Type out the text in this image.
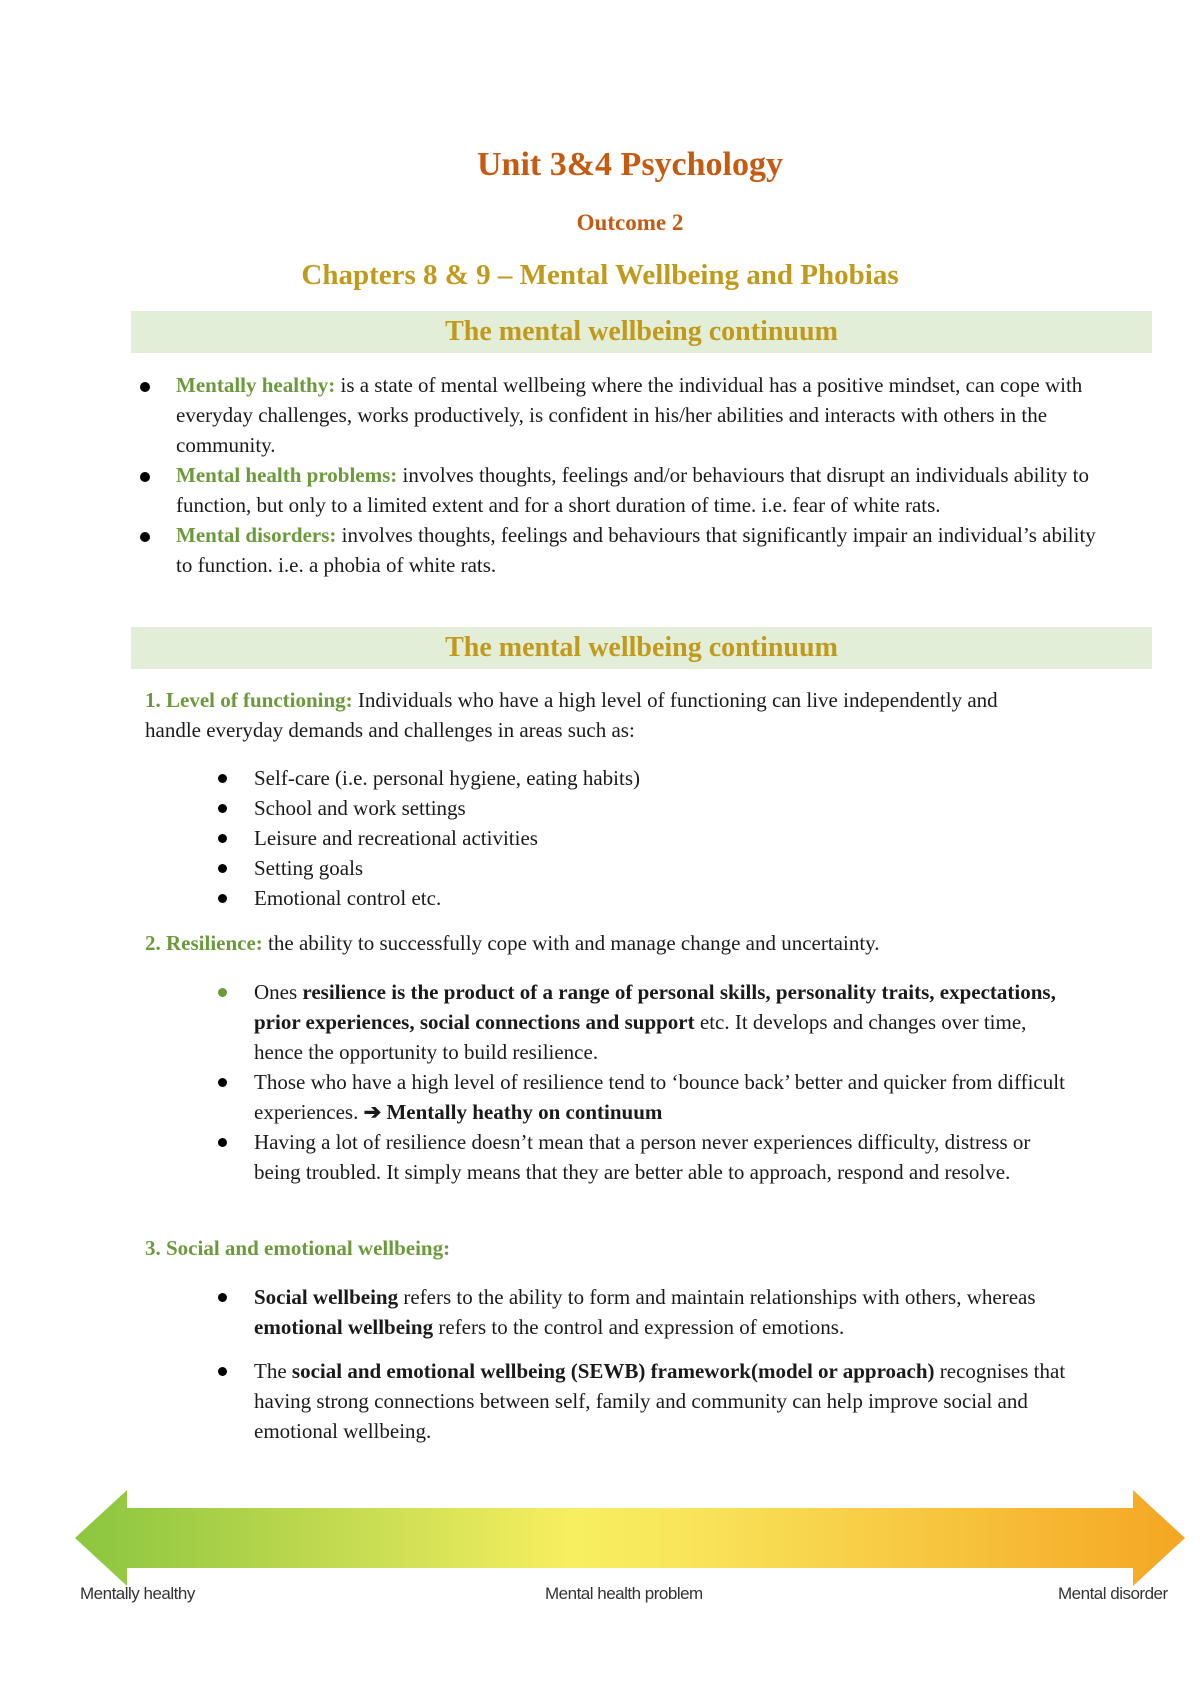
Unit 3&4 Psychology
Outcome 2
Chapters 8 & 9 – Mental Wellbeing and Phobias
The mental wellbeing continuum
Mentally healthy: is a state of mental wellbeing where the individual has a positive mindset, can cope with everyday challenges, works productively, is confident in his/her abilities and interacts with others in the community.
Mental health problems: involves thoughts, feelings and/or behaviours that disrupt an individuals ability to function, but only to a limited extent and for a short duration of time. i.e. fear of white rats.
Mental disorders: involves thoughts, feelings and behaviours that significantly impair an individual’s ability to function. i.e. a phobia of white rats.
The mental wellbeing continuum

1. Level of functioning: Individuals who have a high level of functioning can live independently and handle everyday demands and challenges in areas such as:

Self-care (i.e. personal hygiene, eating habits)
School and work settings
Leisure and recreational activities
Setting goals
Emotional control etc.

2. Resilience: the ability to successfully cope with and manage change and uncertainty.

Ones resilience is the product of a range of personal skills, personality traits, expectations, prior experiences, social connections and support etc. It develops and changes over time, hence the opportunity to build resilience.
Those who have a high level of resilience tend to ‘bounce back’ better and quicker from difficult experiences. ➔ Mentally heathy on continuum
Having a lot of resilience doesn’t mean that a person never experiences difficulty, distress or being troubled. It simply means that they are better able to approach, respond and resolve.

3. Social and emotional wellbeing:

Social wellbeing refers to the ability to form and maintain relationships with others, whereas emotional wellbeing refers to the control and expression of emotions.
The social and emotional wellbeing (SEWB) framework(model or approach) recognises that having strong connections between self, family and community can help improve social and emotional wellbeing.
Mentally healthy	Mental health problem	Mental disorder
